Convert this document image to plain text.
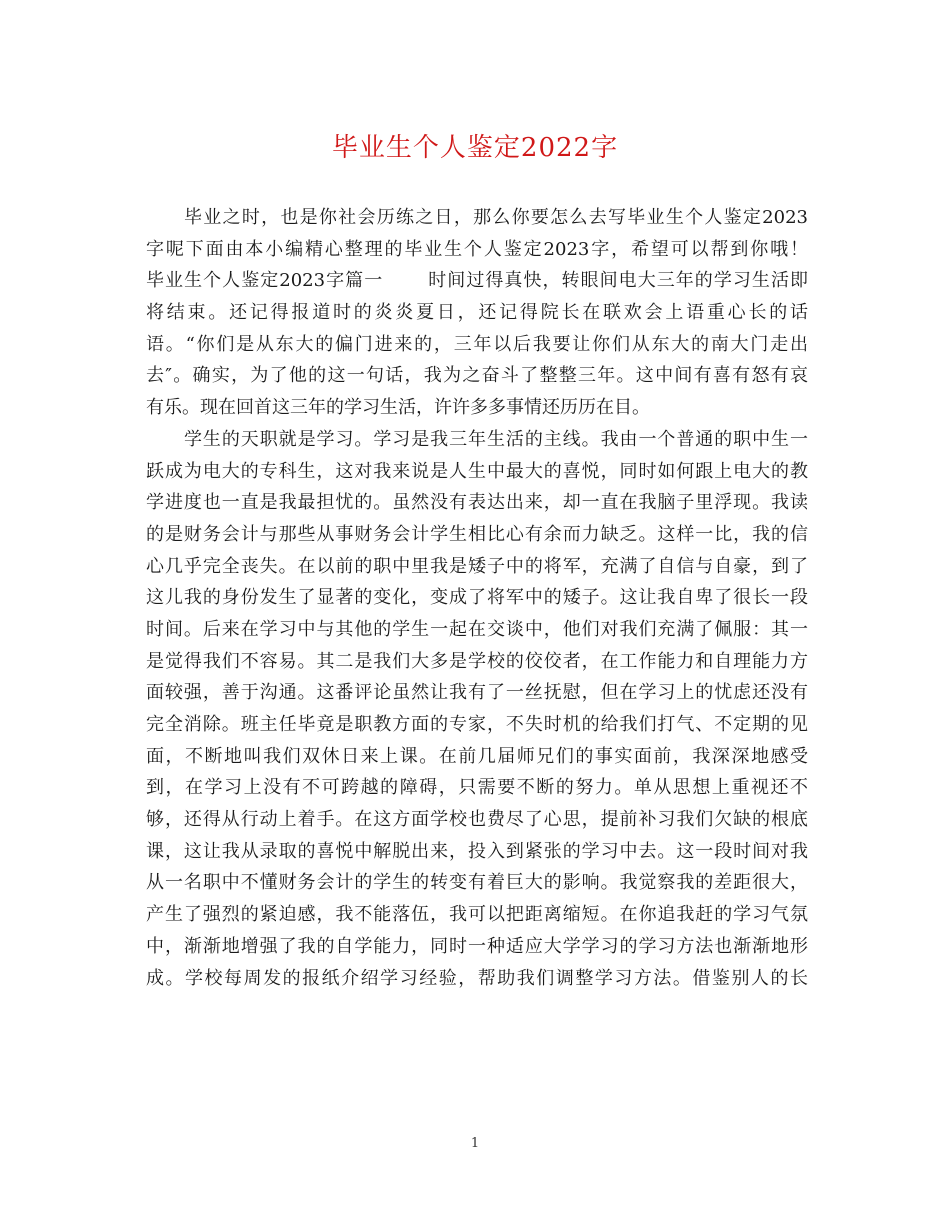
毕业生个人鉴定2022字
毕业之时，也是你社会历练之日，那么你要怎么去写毕业生个人鉴定2023
字呢下面由本小编精心整理的毕业生个人鉴定2023字，希望可以帮到你哦！
毕业生个人鉴定2023字篇一 时间过得真快，转眼间电大三年的学习生活即
将结束。还记得报道时的炎炎夏日，还记得院长在联欢会上语重心长的话
语。“你们是从东大的偏门进来的，三年以后我要让你们从东大的南大门走出
去″。确实，为了他的这一句话，我为之奋斗了整整三年。这中间有喜有怒有哀
有乐。现在回首这三年的学习生活，许许多多事情还历历在目。
学生的天职就是学习。学习是我三年生活的主线。我由一个普通的职中生一
跃成为电大的专科生，这对我来说是人生中最大的喜悦，同时如何跟上电大的教
学进度也一直是我最担忧的。虽然没有表达出来，却一直在我脑子里浮现。我读
的是财务会计与那些从事财务会计学生相比心有余而力缺乏。这样一比，我的信
心几乎完全丧失。在以前的职中里我是矮子中的将军，充满了自信与自豪，到了
这儿我的身份发生了显著的变化，变成了将军中的矮子。这让我自卑了很长一段
时间。后来在学习中与其他的学生一起在交谈中，他们对我们充满了佩服：其一
是觉得我们不容易。其二是我们大多是学校的佼佼者，在工作能力和自理能力方
面较强，善于沟通。这番评论虽然让我有了一丝抚慰，但在学习上的忧虑还没有
完全消除。班主任毕竟是职教方面的专家，不失时机的给我们打气、不定期的见
面，不断地叫我们双休日来上课。在前几届师兄们的事实面前，我深深地感受
到，在学习上没有不可跨越的障碍，只需要不断的努力。单从思想上重视还不
够，还得从行动上着手。在这方面学校也费尽了心思，提前补习我们欠缺的根底
课，这让我从录取的喜悦中解脱出来，投入到紧张的学习中去。这一段时间对我
从一名职中不懂财务会计的学生的转变有着巨大的影响。我觉察我的差距很大，
产生了强烈的紧迫感，我不能落伍，我可以把距离缩短。在你追我赶的学习气氛
中，渐渐地增强了我的自学能力，同时一种适应大学学习的学习方法也渐渐地形
成。学校每周发的报纸介绍学习经验，帮助我们调整学习方法。借鉴别人的长
1
